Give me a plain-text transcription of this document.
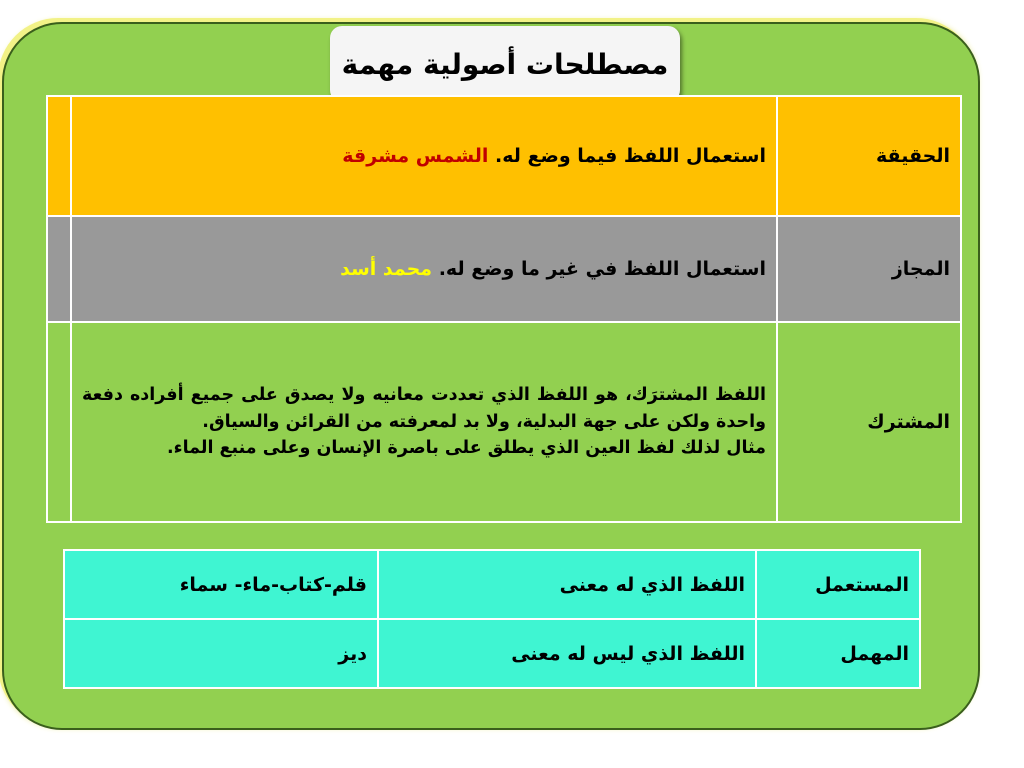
مصطلحات أصولية مهمة
الحقيقة	استعمال اللفظ فيما وضع له. الشمس مشرقة	
المجاز	استعمال اللفظ في غير ما وضع له. محمد أسد	
المشترك	اللفظ المشترَك، هو اللفظ الذي تعددت معانيه ولا يصدق على جميع أفراده دفعة واحدة ولكن على جهة البدلية، ولا بد لمعرفته من القرائن والسياق.
مثال لذلك لفظ العين الذي يطلق على باصرة الإنسان وعلى منبع الماء.	

المستعمل	اللفظ الذي له معنى	قلم-كتاب-ماء- سماء
المهمل	اللفظ الذي ليس له معنى	ديز
